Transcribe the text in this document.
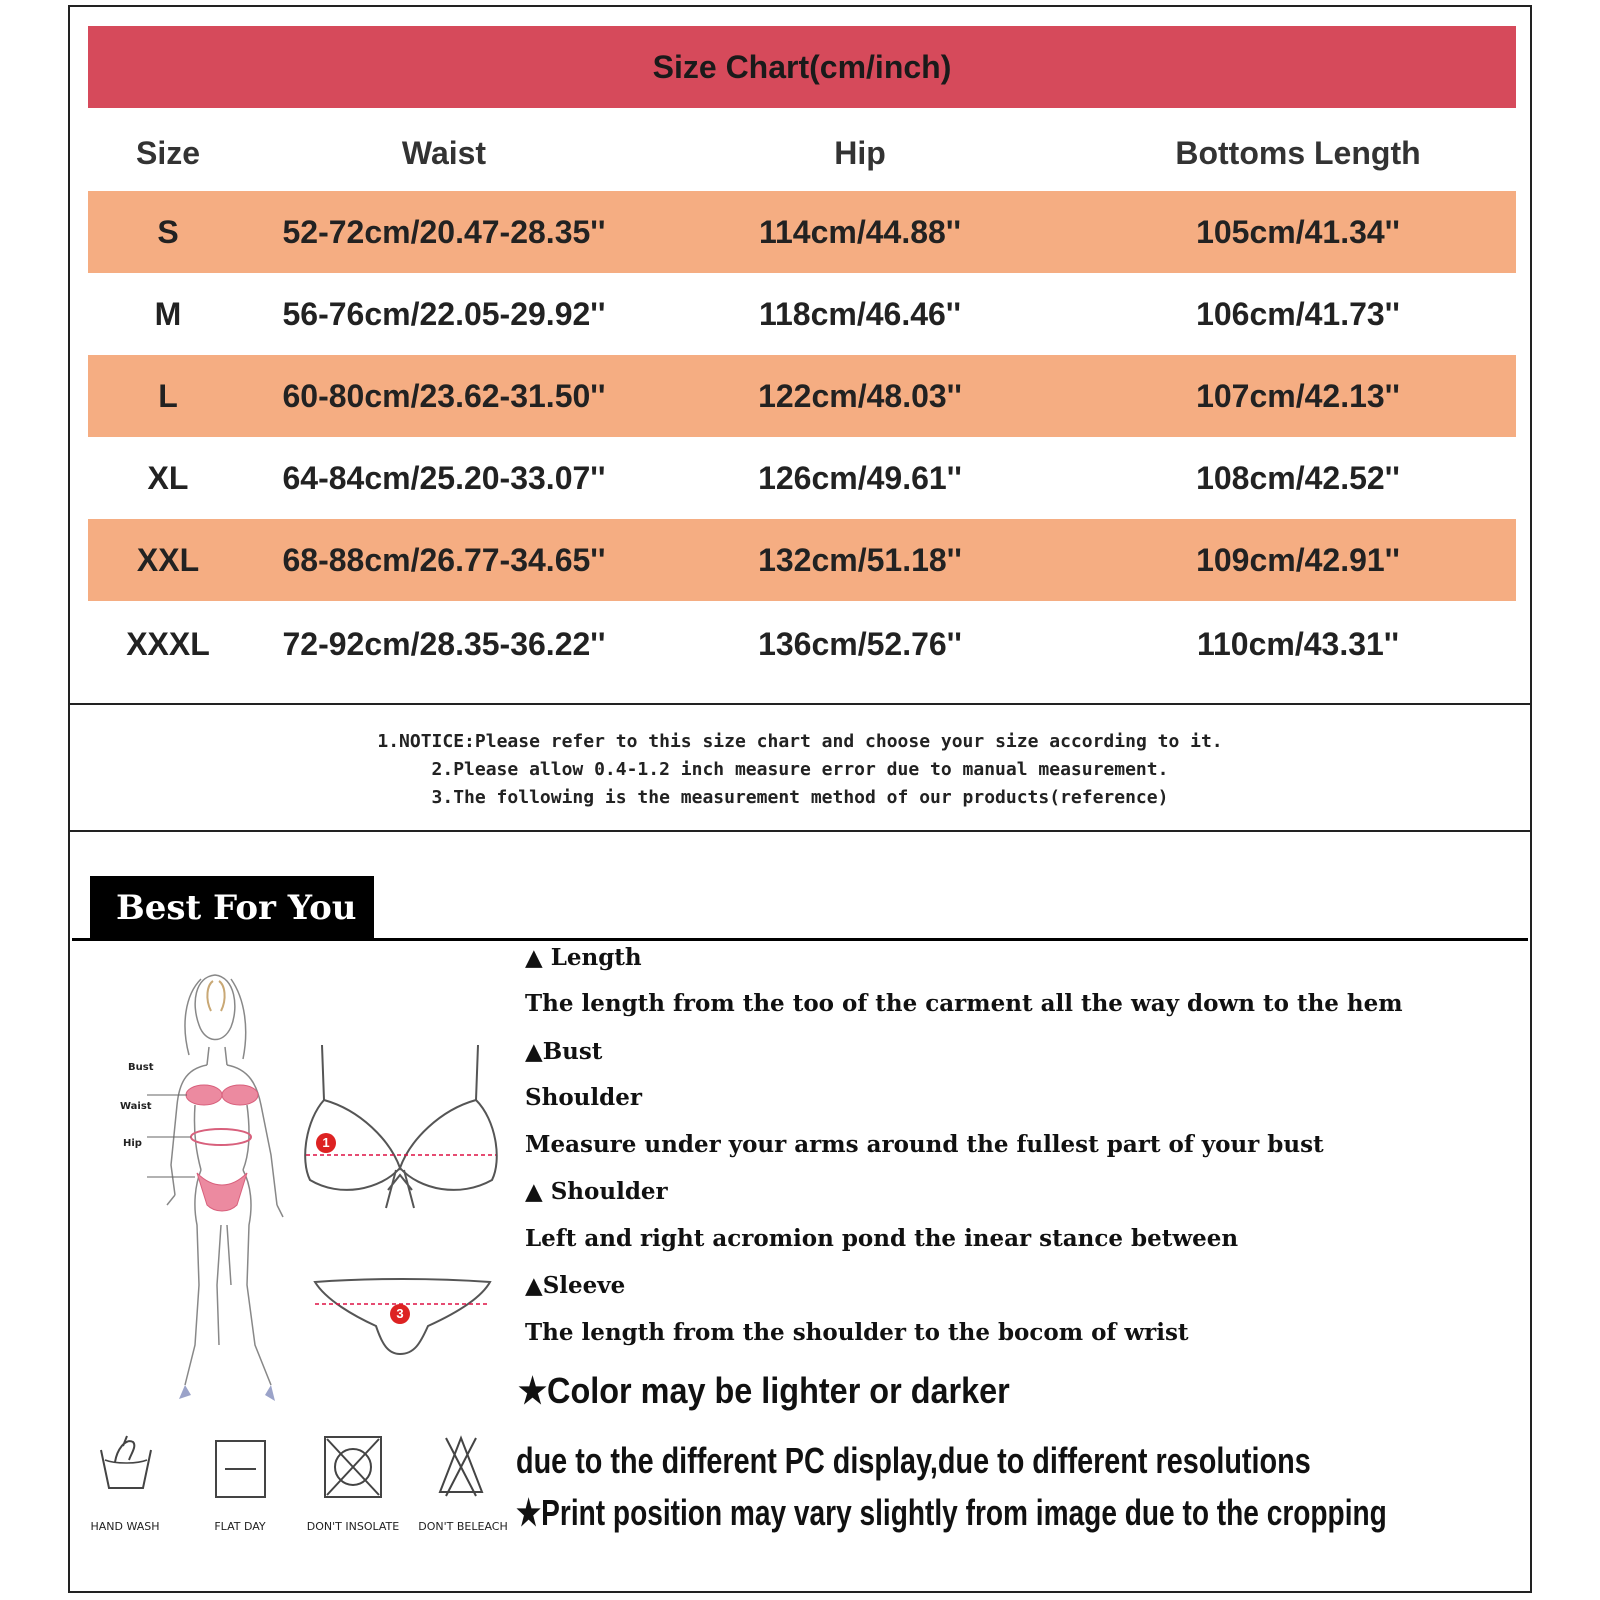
Size Chart(cm/inch)
Size	Waist	Hip	Bottoms Length
S	52-72cm/20.47-28.35''	114cm/44.88''	105cm/41.34''
M	56-76cm/22.05-29.92''	118cm/46.46''	106cm/41.73''
L	60-80cm/23.62-31.50''	122cm/48.03''	107cm/42.13''
XL	64-84cm/25.20-33.07''	126cm/49.61''	108cm/42.52''
XXL	68-88cm/26.77-34.65''	132cm/51.18''	109cm/42.91''
XXXL	72-92cm/28.35-36.22''	136cm/52.76''	110cm/43.31''
1.NOTICE:Please refer to this size chart and choose your size according to it.
2.Please allow 0.4-1.2 inch measure error due to manual measurement.
3.The following is the measurement method of our products(reference)
Best For You
Bust
Waist
Hip	1
3
▲ Length
The length from the too of the carment all the way down to the hem
▲Bust
Shoulder
Measure under your arms around the fullest part of your bust
▲ Shoulder
Left and right acromion pond the inear stance between
▲Sleeve
The length from the shoulder to the bocom of wrist
★Color may be lighter or darker
due to the different PC display,due to different resolutions
★Print position may vary slightly from image due to the cropping
HAND WASH	FLAT DAY	DON'T INSOLATE	DON'T BELEACH
